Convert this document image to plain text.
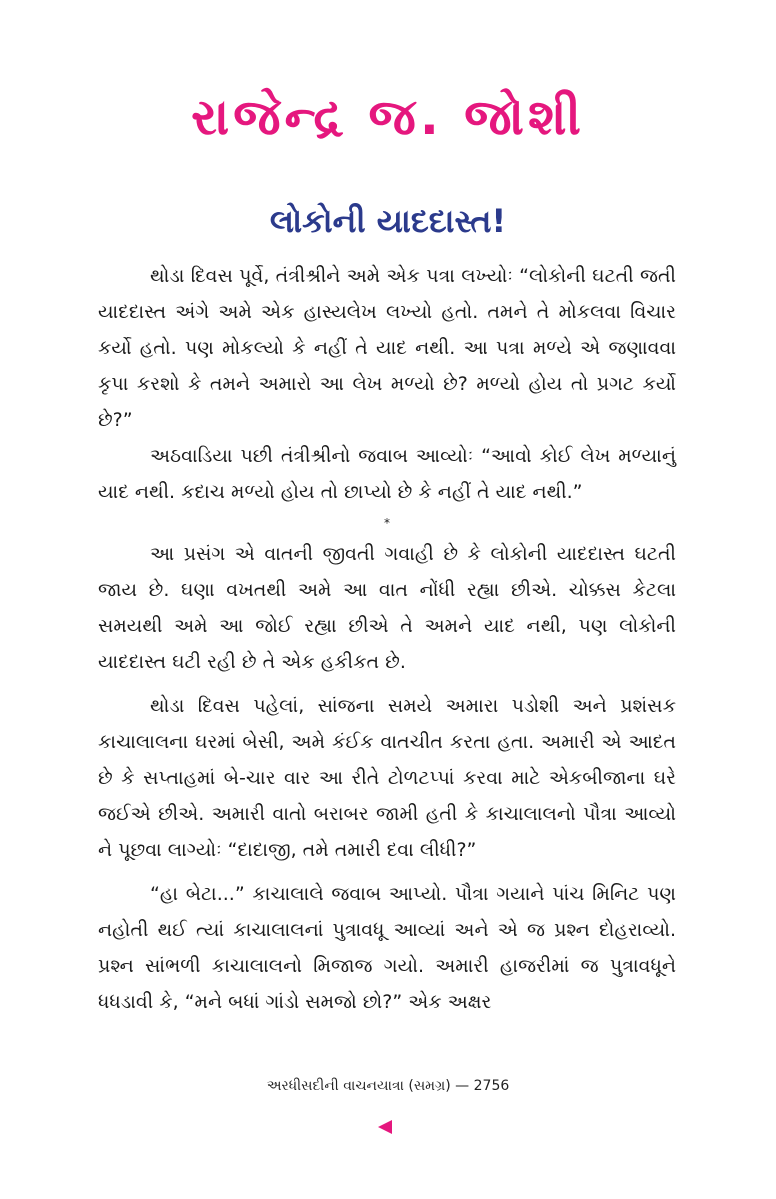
રાજેન્દ્ર જ. જોશી
લોકોની યાદદાસ્ત!

થોડા દિવસ પૂર્વે, તંત્રીશ્રીને અમે એક પત્રા લખ્યોઃ “લોકોની ઘટતી જતી યાદદાસ્ત અંગે અમે એક હાસ્યલેખ લખ્યો હતો. તમને તે મોકલવા વિચાર કર્યો હતો. પણ મોકલ્યો કે નહીં તે યાદ નથી. આ પત્રા મળ્યે એ જણાવવા કૃપા કરશો કે તમને અમારો આ લેખ મળ્યો છે? મળ્યો હોય તો પ્રગટ કર્યો છે?”

અઠવાડિયા પછી તંત્રીશ્રીનો જવાબ આવ્યોઃ “આવો કોઈ લેખ મળ્યાનું યાદ નથી. કદાચ મળ્યો હોય તો છાપ્યો છે કે નહીં તે યાદ નથી.”

*

આ પ્રસંગ એ વાતની જીવતી ગવાહી છે કે લોકોની યાદદાસ્ત ઘટતી જાય છે. ઘણા વખતથી અમે આ વાત નોંધી રહ્યા છીએ. ચોક્કસ કેટલા સમયથી અમે આ જોઈ રહ્યા છીએ તે અમને યાદ નથી, પણ લોકોની યાદદાસ્ત ઘટી રહી છે તે એક હકીકત છે.

થોડા દિવસ પહેલાં, સાંજના સમયે અમારા પડોશી અને પ્રશંસક કાચાલાલના ઘરમાં બેસી, અમે કંઈક વાતચીત કરતા હતા. અમારી એ આદત છે કે સપ્તાહમાં બે-ચાર વાર આ રીતે ટોળટપ્પાં કરવા માટે એકબીજાના ઘરે જઈએ છીએ. અમારી વાતો બરાબર જામી હતી કે કાચાલાલનો પૌત્રા આવ્યો ને પૂછવા લાગ્યોઃ “દાદાજી, તમે તમારી દવા લીધી?”

“હા બેટા...” કાચાલાલે જવાબ આપ્યો. પૌત્રા ગયાને પાંચ મિનિટ પણ નહોતી થઈ ત્યાં કાચાલાલનાં પુત્રાવધૂ આવ્યાં અને એ જ પ્રશ્ન દોહરાવ્યો. પ્રશ્ન સાંભળી કાચાલાલનો મિજાજ ગયો. અમારી હાજરીમાં જ પુત્રાવધૂને ધધડાવી કે, “મને બધાં ગાંડો સમજો છો?” એક અક્ષર

અરધીસદીની વાચનયાત્રા (સમગ્ર) — 2756
